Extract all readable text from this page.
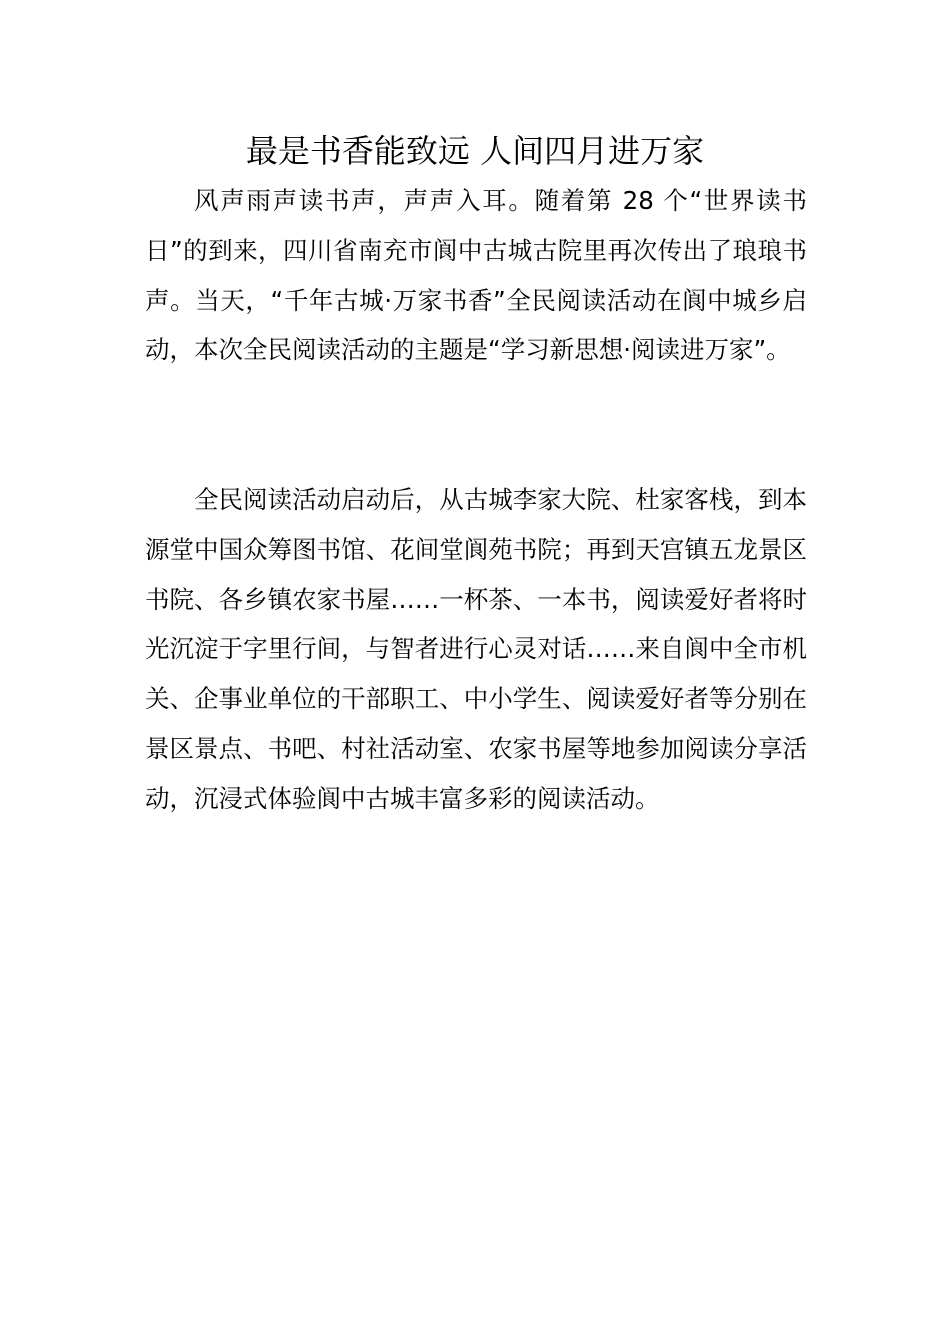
最是书香能致远 人间四月进万家

风声雨声读书声，声声入耳。随着第 28 个“世界读书日”的到来，四川省南充市阆中古城古院里再次传出了琅琅书声。当天，“千年古城·万家书香”全民阅读活动在阆中城乡启动，本次全民阅读活动的主题是“学习新思想·阅读进万家”。

全民阅读活动启动后，从古城李家大院、杜家客栈，到本源堂中国众筹图书馆、花间堂阆苑书院；再到天宫镇五龙景区书院、各乡镇农家书屋……一杯茶、一本书，阅读爱好者将时光沉淀于字里行间，与智者进行心灵对话……来自阆中全市机关、企事业单位的干部职工、中小学生、阅读爱好者等分别在景区景点、书吧、村社活动室、农家书屋等地参加阅读分享活动，沉浸式体验阆中古城丰富多彩的阅读活动。
